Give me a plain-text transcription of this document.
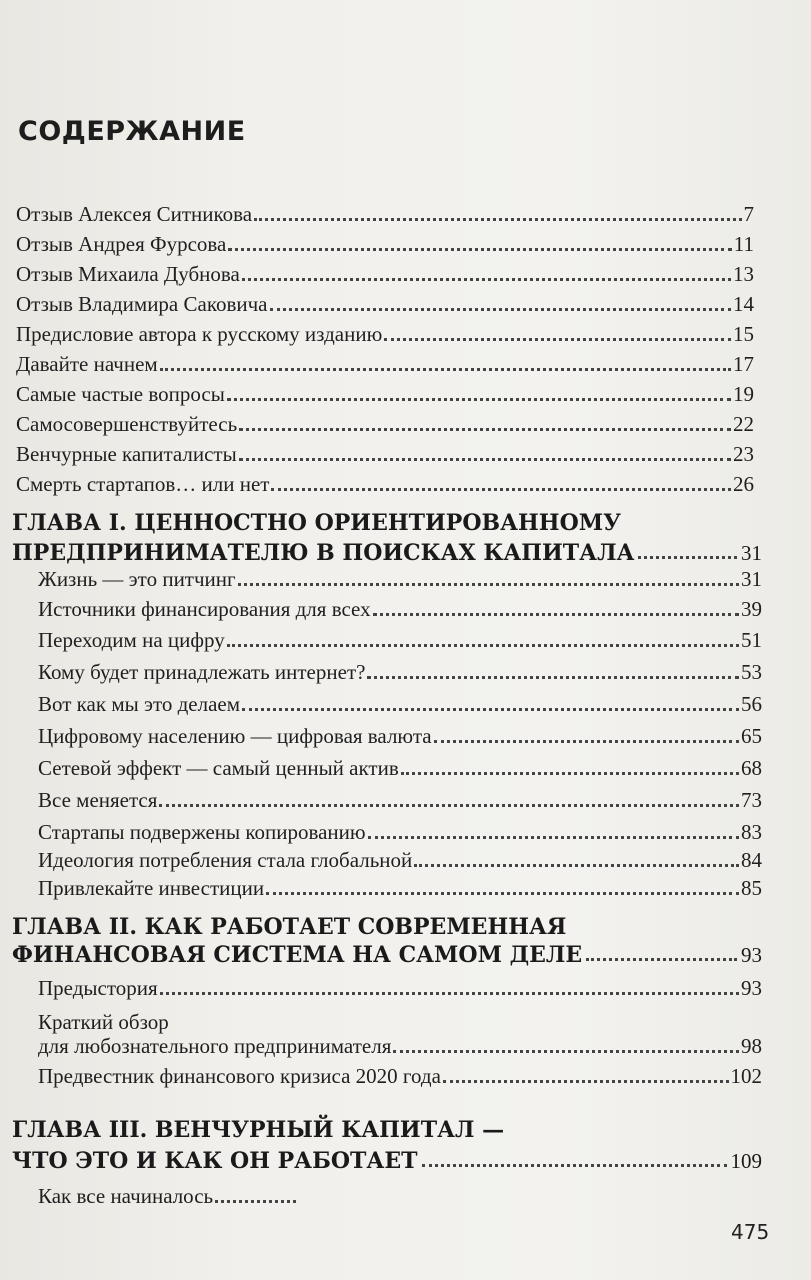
СОДЕРЖАНИЕ
Отзыв Алексея Ситникова	7
Отзыв Андрея Фурсова	11
Отзыв Михаила Дубнова	13
Отзыв Владимира Саковича	14
Предисловие автора к русскому изданию	15
Давайте начнем	17
Самые частые вопросы	19
Самосовершенствуйтесь	22
Венчурные капиталисты	23
Смерть стартапов… или нет	26
ГЛАВА I. ЦЕННОСТНО ОРИЕНТИРОВАННОМУ
ПРЕДПРИНИМАТЕЛЮ В ПОИСКАХ КАПИТАЛА	31
Жизнь — это питчинг	31
Источники финансирования для всех	39
Переходим на цифру	51
Кому будет принадлежать интернет?	53
Вот как мы это делаем	56
Цифровому населению — цифровая валюта	65
Сетевой эффект — самый ценный актив	68
Все меняется	73
Стартапы подвержены копированию	83
Идеология потребления стала глобальной	84
Привлекайте инвестиции	85
ГЛАВА II. КАК РАБОТАЕТ СОВРЕМЕННАЯ
ФИНАНСОВАЯ СИСТЕМА НА САМОМ ДЕЛЕ	93
Предыстория	93
Краткий обзор
для любознательного предпринимателя	98
Предвестник финансового кризиса 2020 года	102
ГЛАВА III. ВЕНЧУРНЫЙ КАПИТАЛ —
ЧТО ЭТО И КАК ОН РАБОТАЕТ	109
Как все начиналось
475
